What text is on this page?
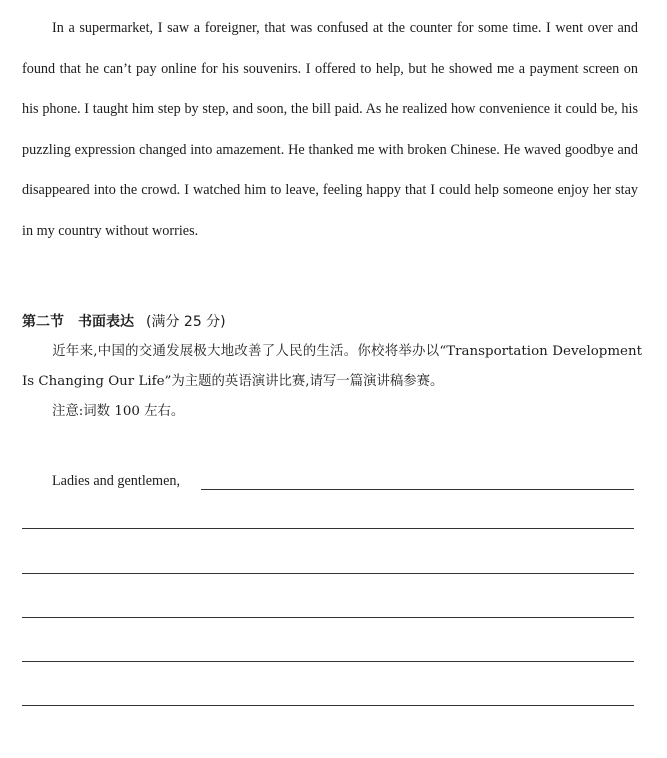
In a supermarket, I saw a foreigner, that was confused at the counter for some time. I went over and found that he can’t pay online for his souvenirs. I offered to help, but he showed me a payment screen on his phone. I taught him step by step, and soon, the bill paid. As he realized how convenience it could be, his puzzling expression changed into amazement. He thanked me with broken Chinese. He waved goodbye and disappeared into the crowd. I watched him to leave, feeling happy that I could help someone enjoy her stay in my country without worries.

第二节　书面表达 (满分 25 分)

近年来,中国的交通发展极大地改善了人民的生活。你校将举办以“Transportation Development Is Changing Our Life”为主题的英语演讲比赛,请写一篇演讲稿参赛。

注意:词数 100 左右。

Ladies and gentlemen,
